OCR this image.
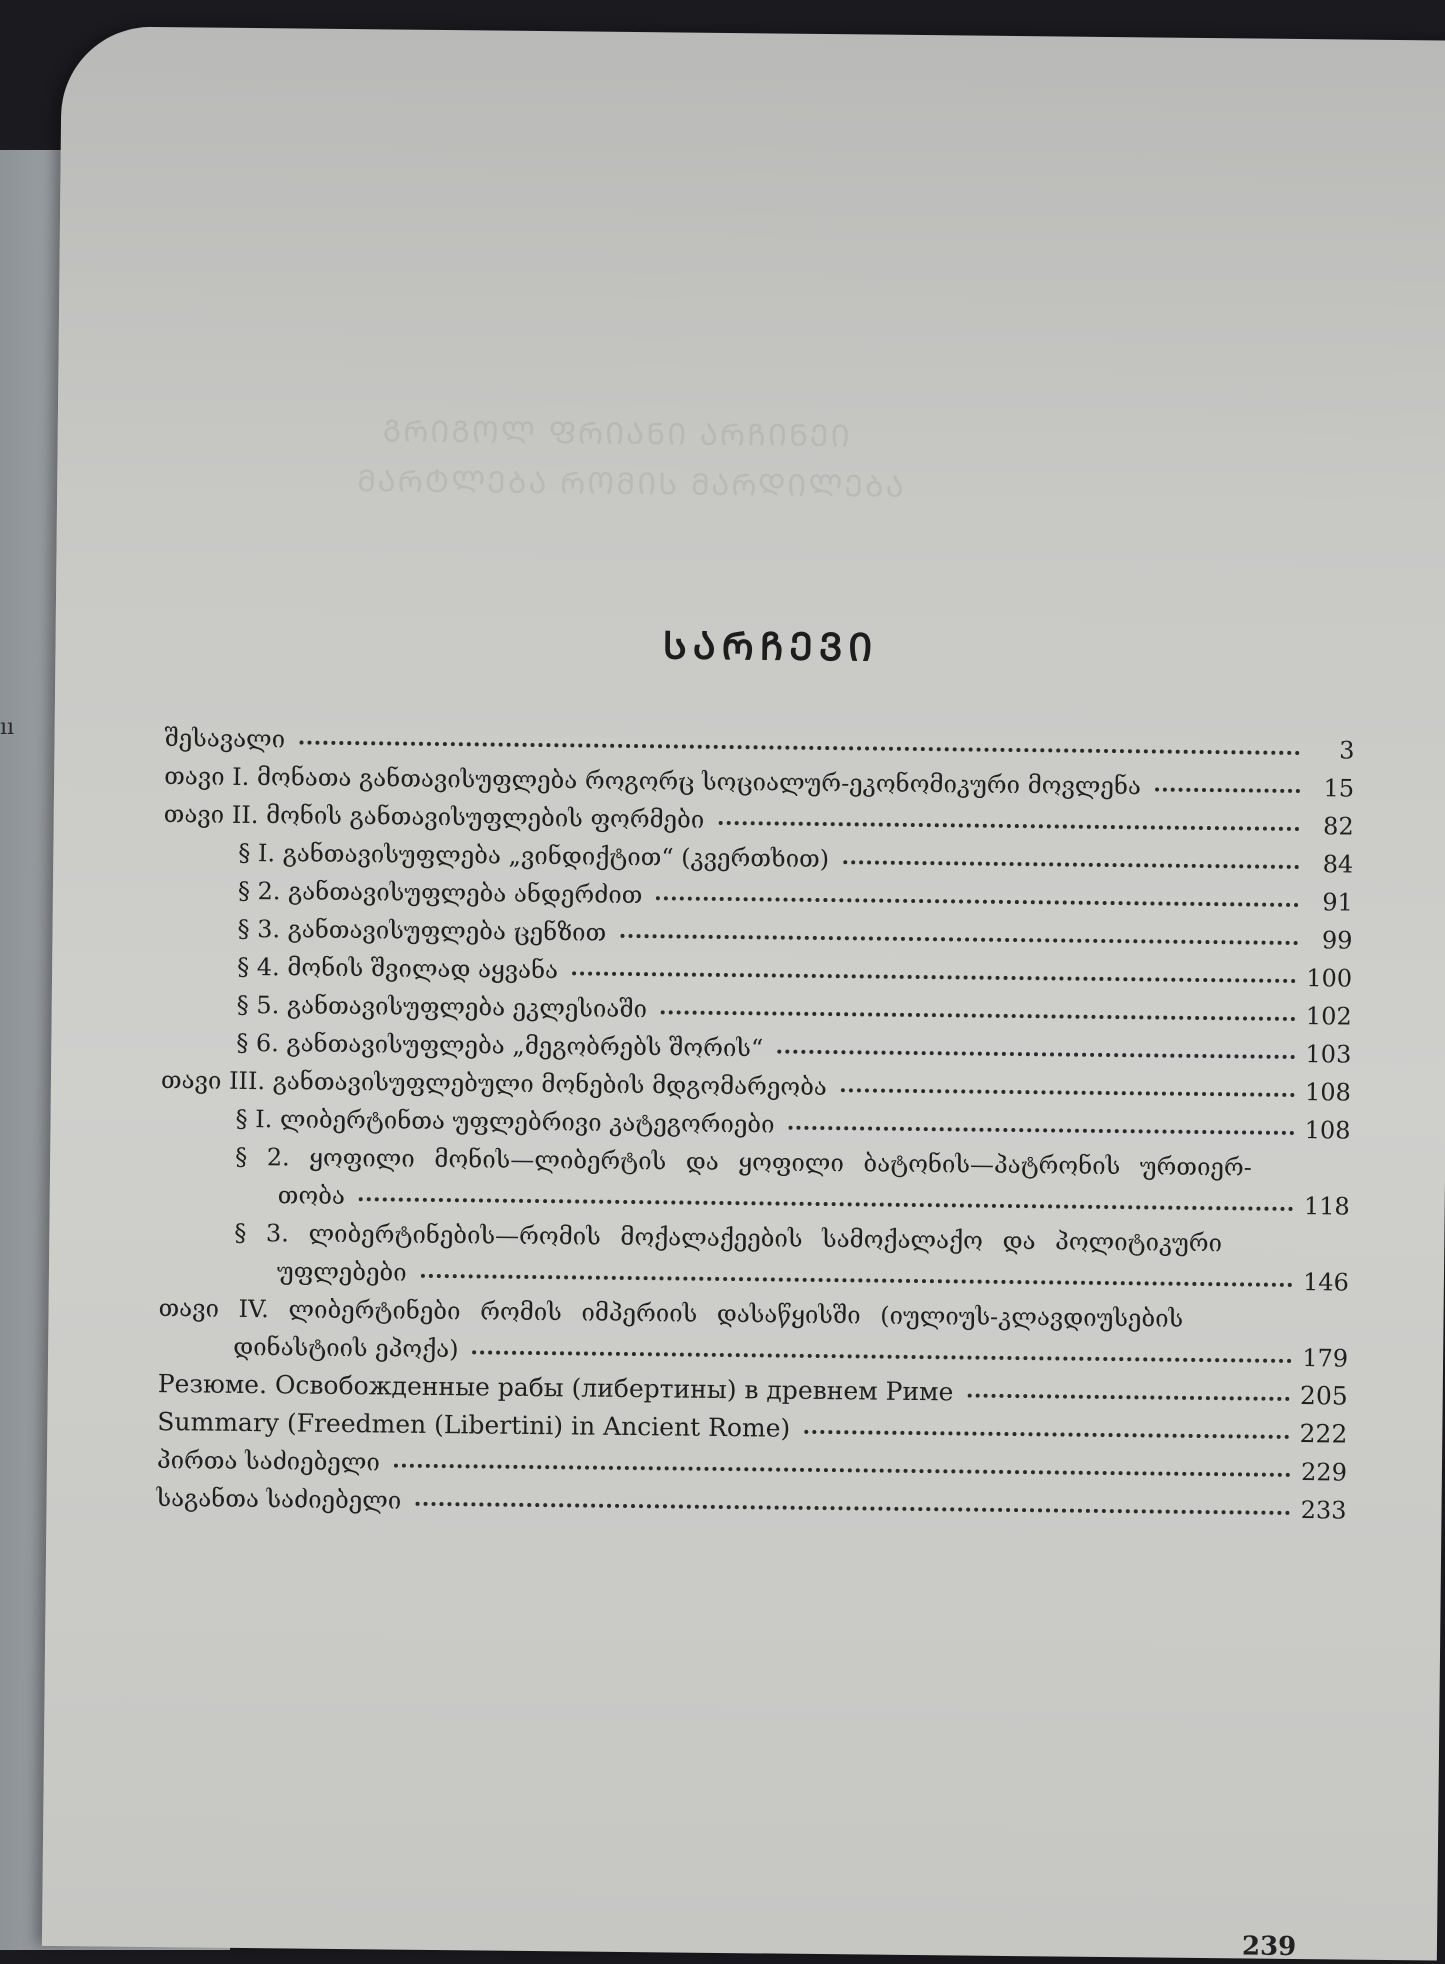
ıı
ᲒᲠᲘᲒᲝᲚ ᲤᲠᲘᲐᲜᲘ ᲐᲠᲩᲘᲜᲔᲘ
ᲛᲐᲠᲢᲚᲔᲑᲐ ᲠᲝᲛᲘᲡ ᲛᲐᲠᲓᲘᲚᲔᲑᲐ
ᲡᲐᲠᲩᲔᲕᲘ
შესავალი	3
თავი I. მონათა განთავისუფლება როგორც სოციალურ-ეკონომიკური მოვლენა	15
თავი II. მონის განთავისუფლების ფორმები	82
§ I. განთავისუფლება „ვინდიქტით“ (კვერთხით)	84
§ 2. განთავისუფლება ანდერძით	91
§ 3. განთავისუფლება ცენზით	99
§ 4. მონის შვილად აყვანა	100
§ 5. განთავისუფლება ეკლესიაში	102
§ 6. განთავისუფლება „მეგობრებს შორის“	103
თავი III. განთავისუფლებული მონების მდგომარეობა	108
§ I. ლიბერტინთა უფლებრივი კატეგორიები	108
§ 2. ყოფილი მონის—ლიბერტის და ყოფილი ბატონის—პატრონის ურთიერ-
თობა	118
§ 3. ლიბერტინების—რომის მოქალაქეების სამოქალაქო და პოლიტიკური
უფლებები	146
თავი IV. ლიბერტინები რომის იმპერიის დასაწყისში (იულიუს-კლავდიუსების
დინასტიის ეპოქა)	179
Резюме. Освобожденные рабы (либертины) в древнем Риме	205
Summary (Freedmen (Libertini) in Ancient Rome)	222
პირთა საძიებელი	229
საგანთა საძიებელი	233
239
